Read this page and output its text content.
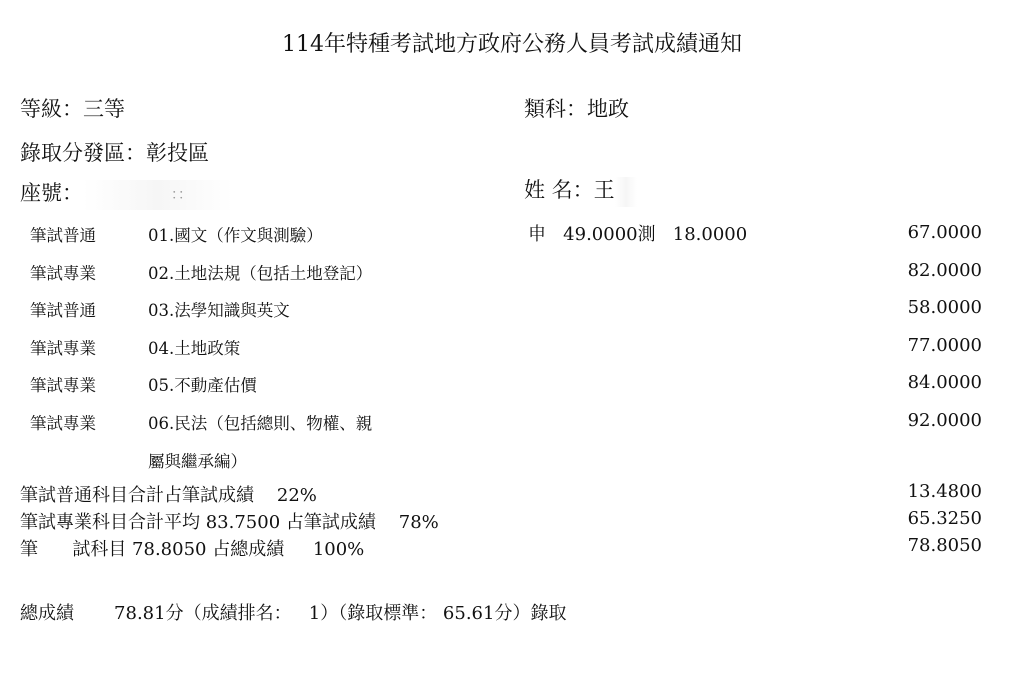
114年特種考試地方政府公務人員考試成績通知
等級：三等	類科：地政
錄取分發區：彰投區
座號：	：：	姓 名：王
筆試普通	01.國文（作文與測驗）	申   49.0000測   18.0000	67.0000
筆試專業	02.土地法規（包括土地登記）	82.0000
筆試普通	03.法學知識與英文	58.0000
筆試專業	04.土地政策	77.0000
筆試專業	05.不動產估價	84.0000
筆試專業	06.民法（包括總則、物權、親	92.0000
屬與繼承編）
筆試普通科目合計占筆試成績    22%	13.4800
筆試專業科目合計平均 83.7500 占筆試成績    78%	65.3250
筆      試科目 78.8050 占總成績     100%	78.8050
總成績       78.81分（成績排名：   1）（錄取標準： 65.61分）錄取
